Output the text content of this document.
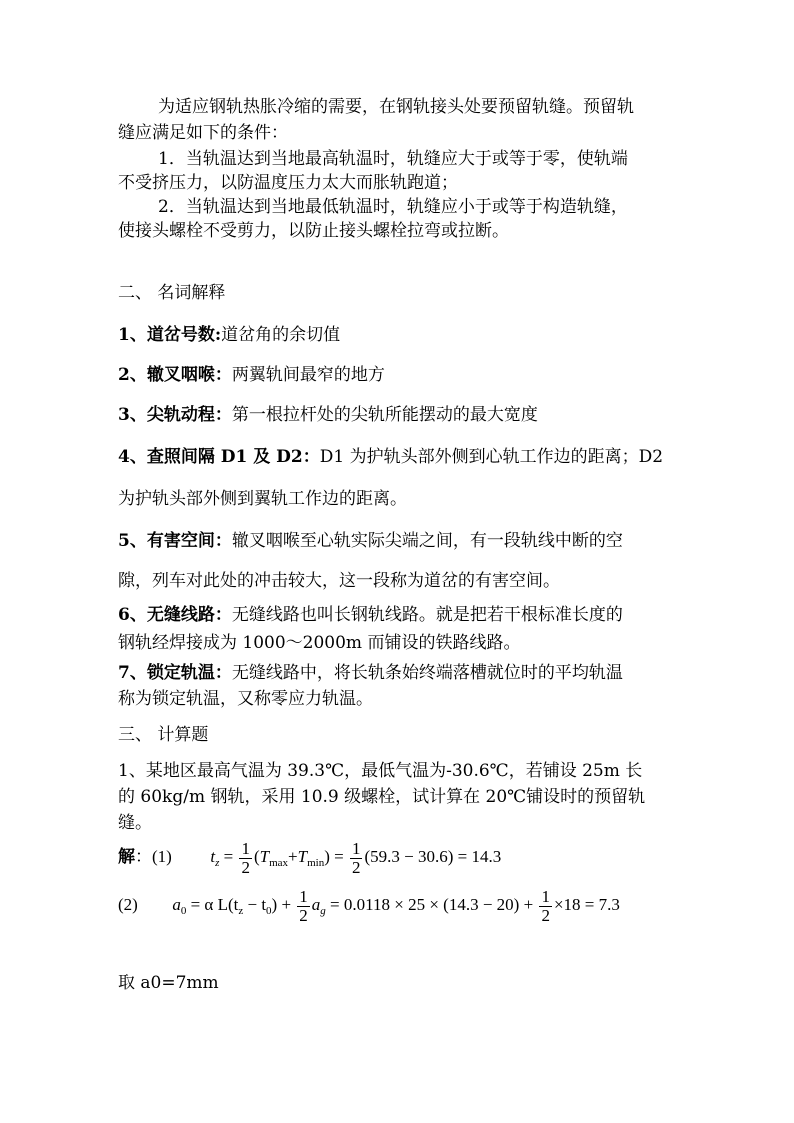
为适应钢轨热胀冷缩的需要，在钢轨接头处要预留轨缝。预留轨
缝应满足如下的条件：
1．当轨温达到当地最高轨温时，轨缝应大于或等于零，使轨端
不受挤压力，以防温度压力太大而胀轨跑道；
2．当轨温达到当地最低轨温时，轨缝应小于或等于构造轨缝，
使接头螺栓不受剪力，以防止接头螺栓拉弯或拉断。
二、 名词解释
1、道岔号数:道岔角的余切值
2、辙叉咽喉：两翼轨间最窄的地方
3、尖轨动程：第一根拉杆处的尖轨所能摆动的最大宽度
4、查照间隔 D1 及 D2：D1 为护轨头部外侧到心轨工作边的距离；D2
为护轨头部外侧到翼轨工作边的距离。
5、有害空间：辙叉咽喉至心轨实际尖端之间，有一段轨线中断的空
隙，列车对此处的冲击较大，这一段称为道岔的有害空间。
6、无缝线路：无缝线路也叫长钢轨线路。就是把若干根标准长度的
钢轨经焊接成为 1000～2000m 而铺设的铁路线路。
7、锁定轨温：无缝线路中，将长轨条始终端落槽就位时的平均轨温
称为锁定轨温，又称零应力轨温。
三、 计算题
1、某地区最高气温为 39.3℃，最低气温为-30.6℃，若铺设 25m 长
的 60kg/m 钢轨，采用 10.9 级螺栓，试计算在 20℃铺设时的预留轨
缝。
解：(1) $t_z = \frac{1}{2} (T_{max}+T_{min}) = \frac{1}{2} (59.3 - 30.6) = 14.3$
(2) $a_0 = \alpha$ $L(t_z - t_0) + \frac{1}{2} a_g = 0.0118 \times 25 \times (14.3 - 20) + \frac{1}{2} \times 18 = 7.3$
取 a0=7mm
